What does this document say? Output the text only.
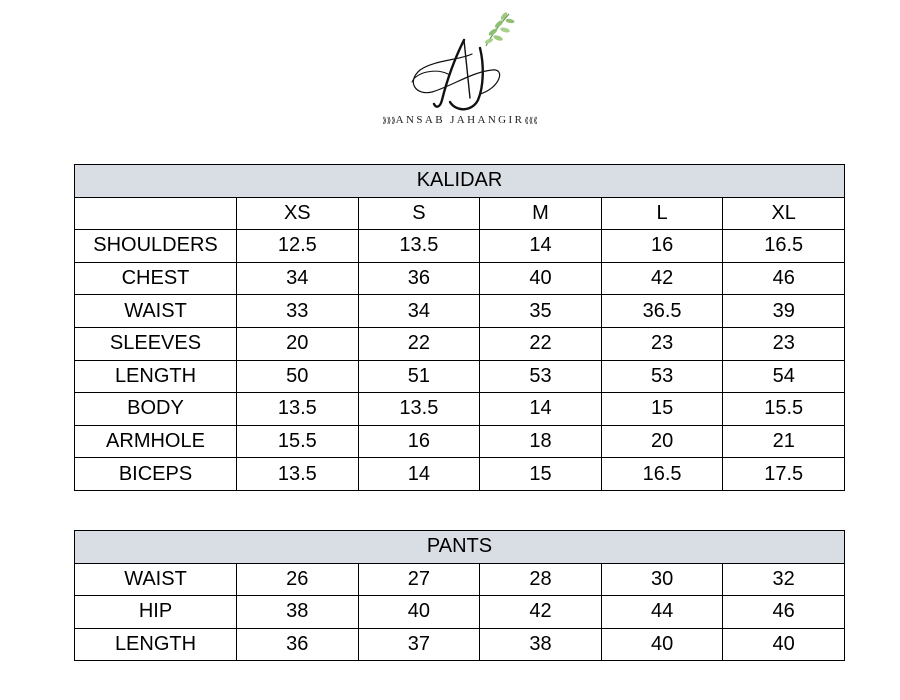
⟫⟫⟫ANSAB JAHANGIR⟪⟪⟪
KALIDAR					
	XS	S	M	L	XL
SHOULDERS	12.5	13.5	14	16	16.5
CHEST	34	36	40	42	46
WAIST	33	34	35	36.5	39
SLEEVES	20	22	22	23	23
LENGTH	50	51	53	53	54
BODY	13.5	13.5	14	15	15.5
ARMHOLE	15.5	16	18	20	21
BICEPS	13.5	14	15	16.5	17.5
PANTS					
WAIST	26	27	28	30	32
HIP	38	40	42	44	46
LENGTH	36	37	38	40	40
